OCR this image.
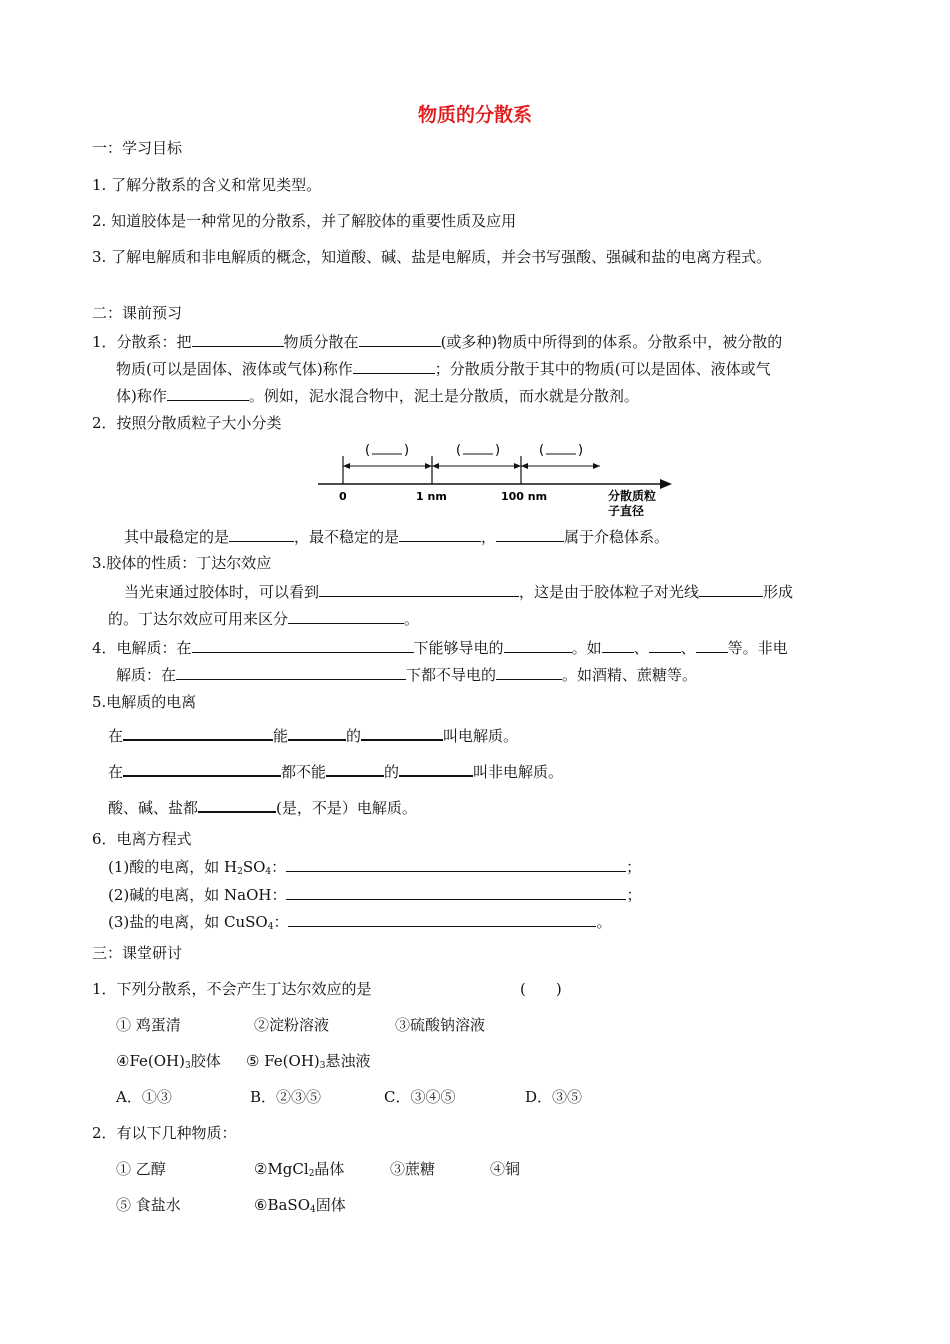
物质的分散系
一：学习目标
1. 了解分散系的含义和常见类型。
2. 知道胶体是一种常见的分散系，并了解胶体的重要性质及应用
3. 了解电解质和非电解质的概念，知道酸、碱、盐是电解质，并会书写强酸、强碱和盐的电离方程式。
二：课前预习
1．分散系：把	物质分散在	(或多种)物质中所得到的体系。分散系中，被分散的
物质(可以是固体、液体或气体)称作	；分散质分散于其中的物质(可以是固体、液体或气
体)称作	。例如，泥水混合物中，泥土是分散质，而水就是分散剂。
2．按照分散质粒子大小分类
(	)	(	)	(	)
0	1 nm	100 nm	分散质粒
子直径
其中最稳定的是	，最不稳定的是	，	属于介稳体系。
3.胶体的性质：丁达尔效应
当光束通过胶体时，可以看到	，这是由于胶体粒子对光线	形成
的。丁达尔效应可用来区分	。
4．电解质：在	下能够导电的	。如 、 、 等。非电
解质：在	下都不导电的	。如酒精、蔗糖等。
5.电解质的电离
在	能	的	叫电解质。
在	都不能	的	叫非电解质。
酸、碱、盐都	(是，不是）电解质。
6．电离方程式
(1)酸的电离，如 $H_2SO_4$：	；
(2)碱的电离，如 NaOH：	；
(3)盐的电离，如 CuSO$_4$：	。
三：课堂研讨
1．下列分散系，不会产生丁达尔效应的是	(　　)
① 鸡蛋清	②淀粉溶液	③硫酸钠溶液
$④Fe(OH)_3$胶体 ⑤ $Fe(OH)_3$悬浊液
A．①③	B．②③⑤	C．③④⑤	D．③⑤
2．有以下几种物质：
① 乙醇	②MgCl$_2$晶体	③蔗糖	④铜
⑤ 食盐水	⑥BaSO$_4$固体
